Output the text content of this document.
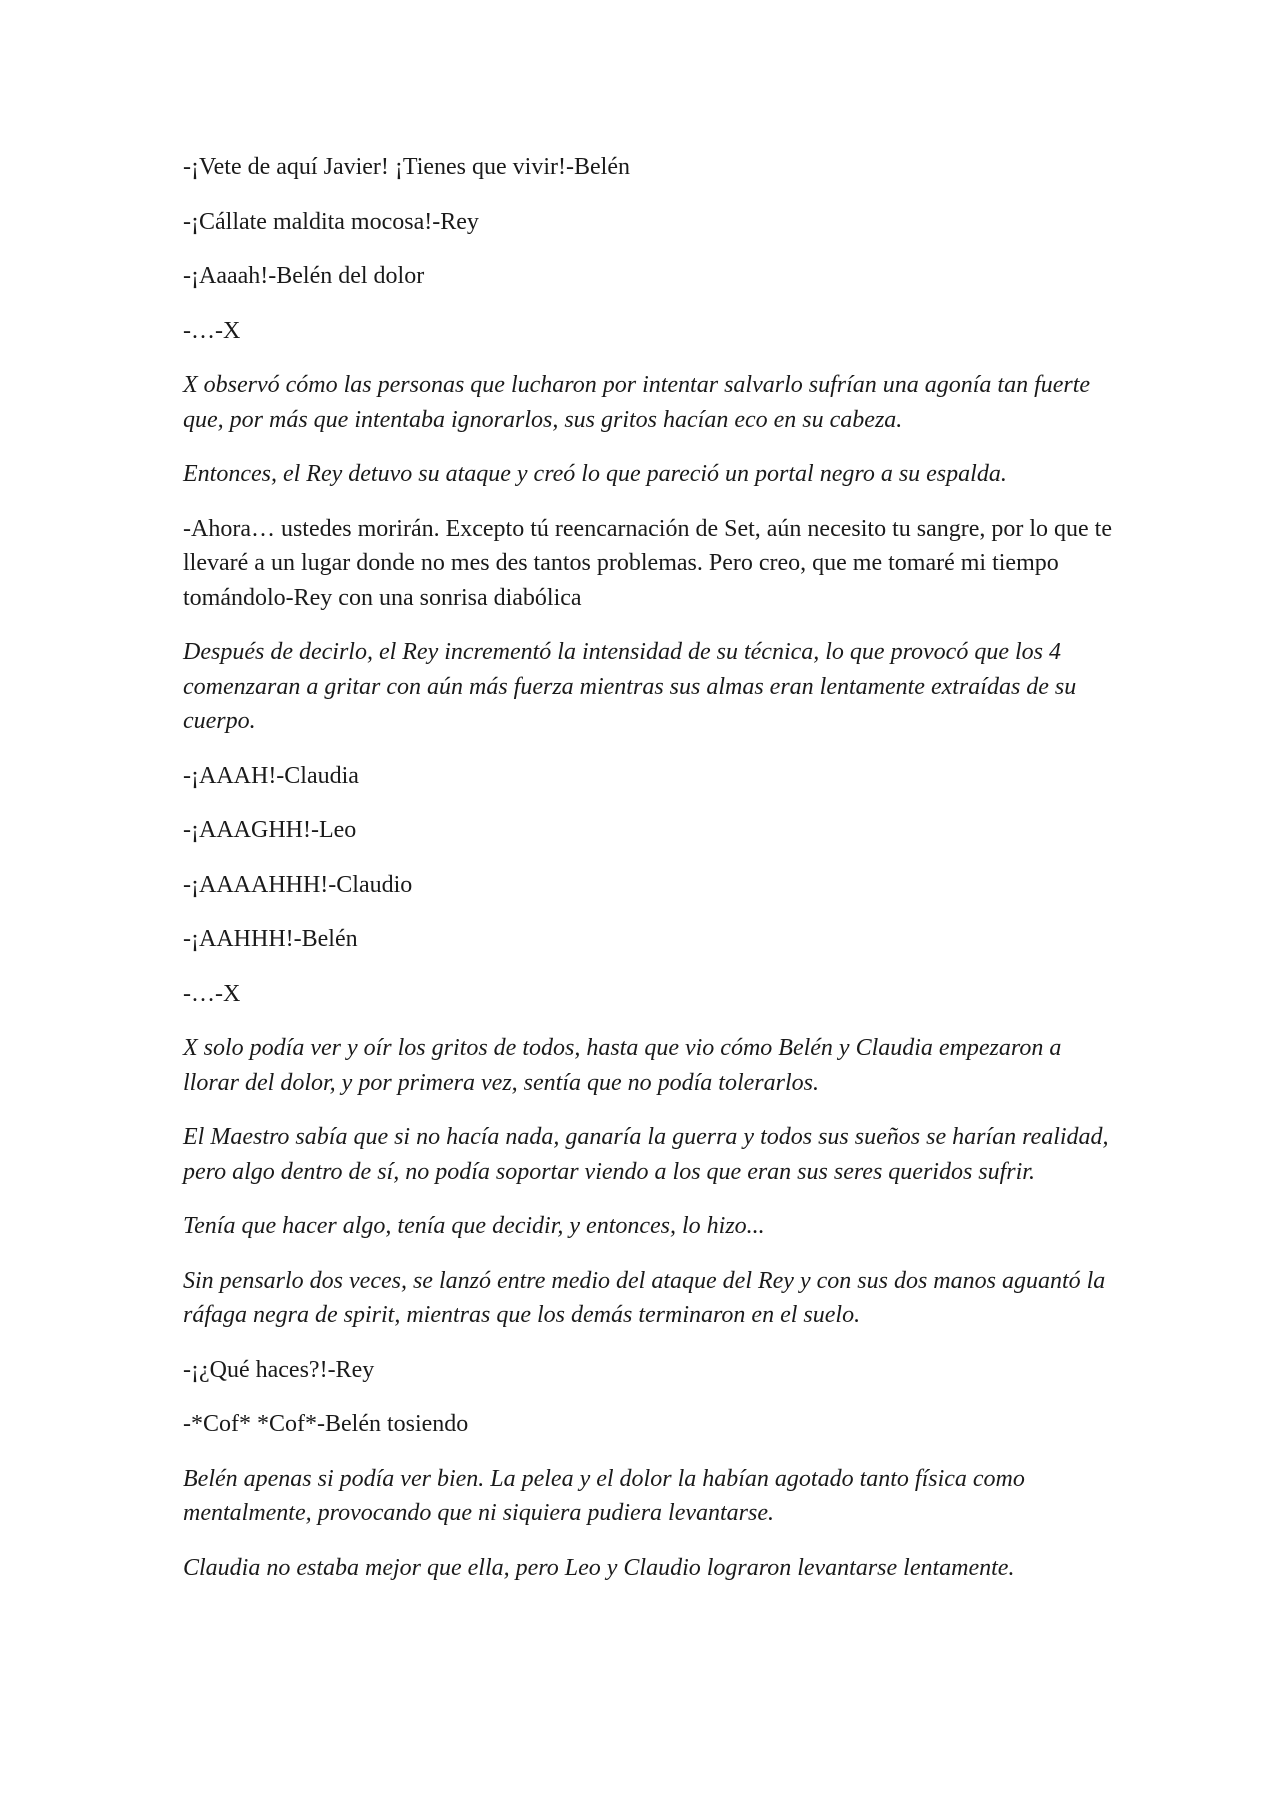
-¡Vete de aquí Javier! ¡Tienes que vivir!-Belén

-¡Cállate maldita mocosa!-Rey

-¡Aaaah!-Belén del dolor

-…-X

X observó cómo las personas que lucharon por intentar salvarlo sufrían una agonía tan fuerte que, por más que intentaba ignorarlos, sus gritos hacían eco en su cabeza.

Entonces, el Rey detuvo su ataque y creó lo que pareció un portal negro a su espalda.

-Ahora… ustedes morirán. Excepto tú reencarnación de Set, aún necesito tu sangre, por lo que te llevaré a un lugar donde no mes des tantos problemas. Pero creo, que me tomaré mi tiempo tomándolo-Rey con una sonrisa diabólica

Después de decirlo, el Rey incrementó la intensidad de su técnica, lo que provocó que los 4 comenzaran a gritar con aún más fuerza mientras sus almas eran lentamente extraídas de su cuerpo.

-¡AAAH!-Claudia

-¡AAAGHH!-Leo

-¡AAAAHHH!-Claudio

-¡AAHHH!-Belén

-…-X

X solo podía ver y oír los gritos de todos, hasta que vio cómo Belén y Claudia empezaron a llorar del dolor, y por primera vez, sentía que no podía tolerarlos.

El Maestro sabía que si no hacía nada, ganaría la guerra y todos sus sueños se harían realidad, pero algo dentro de sí, no podía soportar viendo a los que eran sus seres queridos sufrir.

Tenía que hacer algo, tenía que decidir, y entonces, lo hizo...

Sin pensarlo dos veces, se lanzó entre medio del ataque del Rey y con sus dos manos aguantó la ráfaga negra de spirit, mientras que los demás terminaron en el suelo.

-¡¿Qué haces?!-Rey

-*Cof* *Cof*-Belén tosiendo

Belén apenas si podía ver bien. La pelea y el dolor la habían agotado tanto física como mentalmente, provocando que ni siquiera pudiera levantarse.

Claudia no estaba mejor que ella, pero Leo y Claudio lograron levantarse lentamente.
